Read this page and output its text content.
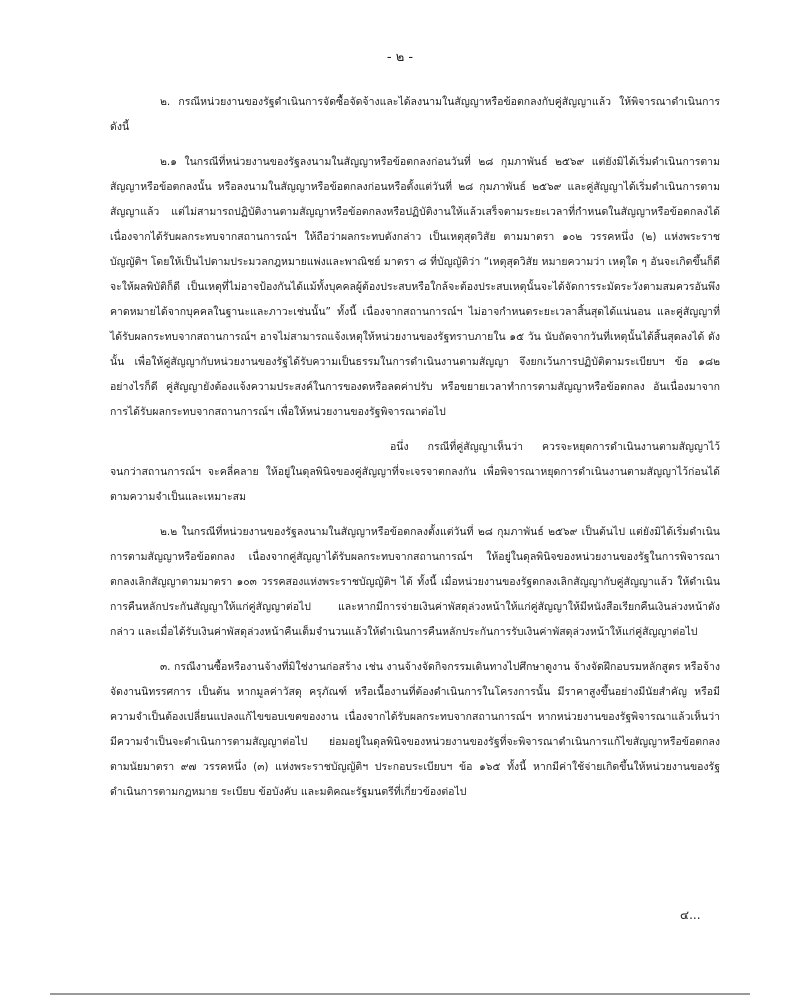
- ๒ -

๒. กรณีหน่วยงานของรัฐดำเนินการจัดซื้อจัดจ้างและได้ลงนามในสัญญาหรือข้อตกลงกับคู่สัญญาแล้ว ให้พิจารณาดำเนินการ ดังนี้

๒.๑ ในกรณีที่หน่วยงานของรัฐลงนามในสัญญาหรือข้อตกลงก่อนวันที่ ๒๘ กุมภาพันธ์ ๒๕๖๙ แต่ยังมิได้เริ่มดำเนินการตามสัญญาหรือข้อตกลงนั้น หรือลงนามในสัญญาหรือข้อตกลงก่อนหรือตั้งแต่วันที่ ๒๘ กุมภาพันธ์ ๒๕๖๙ และคู่สัญญาได้เริ่มดำเนินการตามสัญญาแล้ว แต่ไม่สามารถปฏิบัติงานตามสัญญาหรือข้อตกลงหรือปฏิบัติงานให้แล้วเสร็จตามระยะเวลาที่กำหนดในสัญญาหรือข้อตกลงได้ เนื่องจากได้รับผลกระทบจากสถานการณ์ฯ ให้ถือว่าผลกระทบดังกล่าว เป็นเหตุสุดวิสัย ตามมาตรา ๑๐๒ วรรคหนึ่ง (๒) แห่งพระราชบัญญัติฯ โดยให้เป็นไปตามประมวลกฎหมายแพ่งและพาณิชย์ มาตรา ๘ ที่บัญญัติว่า “เหตุสุดวิสัย หมายความว่า เหตุใด ๆ อันจะเกิดขึ้นก็ดี จะให้ผลพิบัติก็ดี เป็นเหตุที่ไม่อาจป้องกันได้แม้ทั้งบุคคลผู้ต้องประสบหรือใกล้จะต้องประสบเหตุนั้นจะได้จัดการระมัดระวังตามสมควรอันพึงคาดหมายได้จากบุคคลในฐานะและภาวะเช่นนั้น” ทั้งนี้ เนื่องจากสถานการณ์ฯ ไม่อาจกำหนดระยะเวลาสิ้นสุดได้แน่นอน และคู่สัญญาที่ได้รับผลกระทบจากสถานการณ์ฯ อาจไม่สามารถแจ้งเหตุให้หน่วยงานของรัฐทราบภายใน ๑๕ วัน นับถัดจากวันที่เหตุนั้นได้สิ้นสุดลงได้ ดังนั้น เพื่อให้คู่สัญญากับหน่วยงานของรัฐได้รับความเป็นธรรมในการดำเนินงานตามสัญญา จึงยกเว้นการปฏิบัติตามระเบียบฯ ข้อ ๑๘๒ อย่างไรก็ดี คู่สัญญายังต้องแจ้งความประสงค์ในการของดหรือลดค่าปรับ หรือขยายเวลาทำการตามสัญญาหรือข้อตกลง อันเนื่องมาจากการได้รับผลกระทบจากสถานการณ์ฯ เพื่อให้หน่วยงานของรัฐพิจารณาต่อไป

อนึ่ง กรณีที่คู่สัญญาเห็นว่า ควรจะหยุดการดำเนินงานตามสัญญาไว้จนกว่าสถานการณ์ฯ จะคลี่คลาย ให้อยู่ในดุลพินิจของคู่สัญญาที่จะเจรจาตกลงกัน เพื่อพิจารณาหยุดการดำเนินงานตามสัญญาไว้ก่อนได้ตามความจำเป็นและเหมาะสม

๒.๒ ในกรณีที่หน่วยงานของรัฐลงนามในสัญญาหรือข้อตกลงตั้งแต่วันที่ ๒๘ กุมภาพันธ์ ๒๕๖๙ เป็นต้นไป แต่ยังมิได้เริ่มดำเนินการตามสัญญาหรือข้อตกลง เนื่องจากคู่สัญญาได้รับผลกระทบจากสถานการณ์ฯ ให้อยู่ในดุลพินิจของหน่วยงานของรัฐในการพิจารณาตกลงเลิกสัญญาตามมาตรา ๑๐๓ วรรคสองแห่งพระราชบัญญัติฯ ได้ ทั้งนี้ เมื่อหน่วยงานของรัฐตกลงเลิกสัญญากับคู่สัญญาแล้ว ให้ดำเนินการคืนหลักประกันสัญญาให้แก่คู่สัญญาต่อไป และหากมีการจ่ายเงินค่าพัสดุล่วงหน้าให้แก่คู่สัญญาให้มีหนังสือเรียกคืนเงินล่วงหน้าดังกล่าว และเมื่อได้รับเงินค่าพัสดุล่วงหน้าคืนเต็มจำนวนแล้วให้ดำเนินการคืนหลักประกันการรับเงินค่าพัสดุล่วงหน้าให้แก่คู่สัญญาต่อไป

๓. กรณีงานซื้อหรืองานจ้างที่มิใช่งานก่อสร้าง เช่น งานจ้างจัดกิจกรรมเดินทางไปศึกษาดูงาน จ้างจัดฝึกอบรมหลักสูตร หรือจ้างจัดงานนิทรรศการ เป็นต้น หากมูลค่าวัสดุ ครุภัณฑ์ หรือเนื้องานที่ต้องดำเนินการในโครงการนั้น มีราคาสูงขึ้นอย่างมีนัยสำคัญ หรือมีความจำเป็นต้องเปลี่ยนแปลงแก้ไขขอบเขตของงาน เนื่องจากได้รับผลกระทบจากสถานการณ์ฯ หากหน่วยงานของรัฐพิจารณาแล้วเห็นว่า มีความจำเป็นจะดำเนินการตามสัญญาต่อไป ย่อมอยู่ในดุลพินิจของหน่วยงานของรัฐที่จะพิจารณาดำเนินการแก้ไขสัญญาหรือข้อตกลงตามนัยมาตรา ๙๗ วรรคหนึ่ง (๓) แห่งพระราชบัญญัติฯ ประกอบระเบียบฯ ข้อ ๑๖๕ ทั้งนี้ หากมีค่าใช้จ่ายเกิดขึ้นให้หน่วยงานของรัฐดำเนินการตามกฎหมาย ระเบียบ ข้อบังคับ และมติคณะรัฐมนตรีที่เกี่ยวข้องต่อไป

๔...
